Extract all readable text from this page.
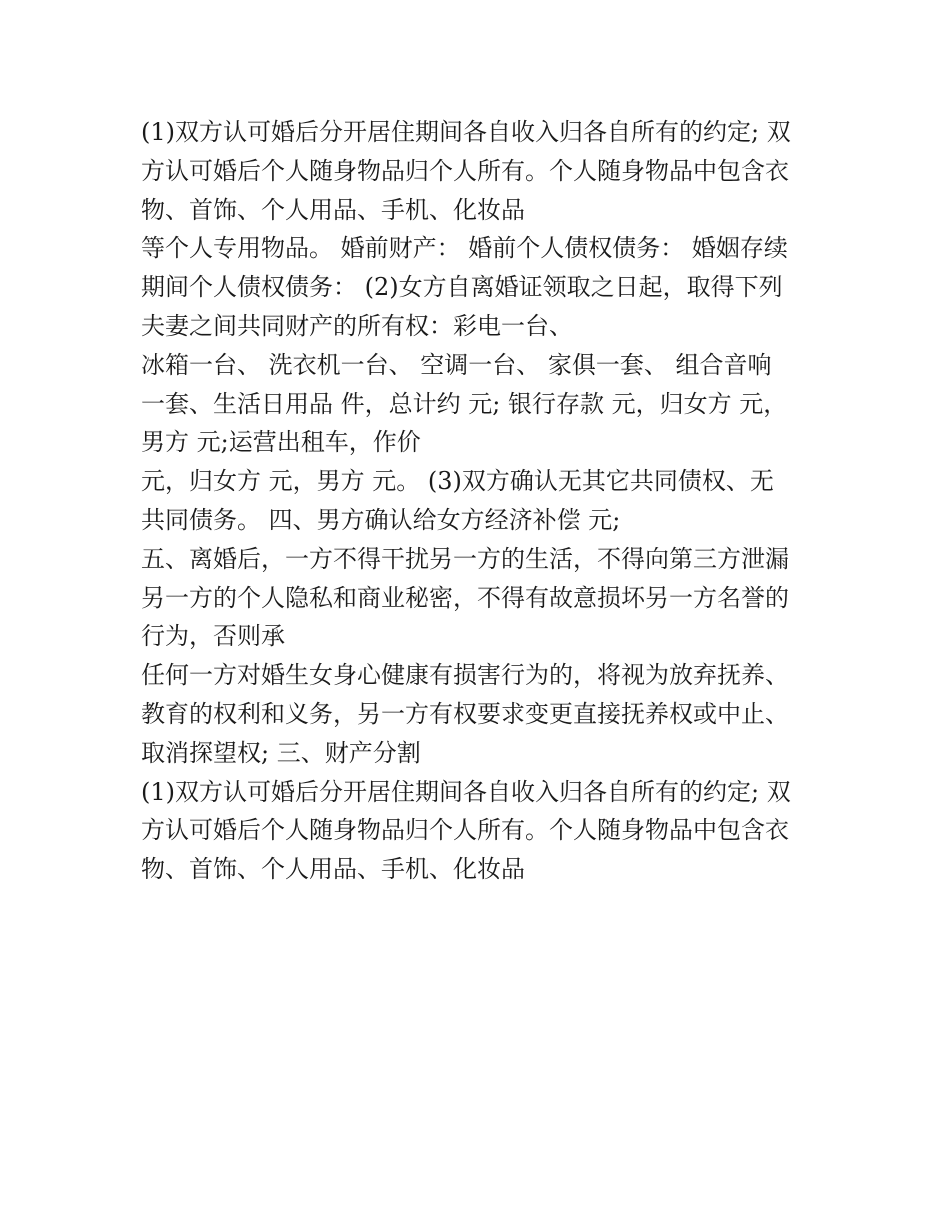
(1)双方认可婚后分开居住期间各自收入归各自所有的约定; 双
方认可婚后个人随身物品归个人所有。个人随身物品中包含衣
物、首饰、个人用品、手机、化妆品
等个人专用物品。 婚前财产： 婚前个人债权债务： 婚姻存续
期间个人债权债务： (2)女方自离婚证领取之日起，取得下列
夫妻之间共同财产的所有权：彩电一台、
冰箱一台、 洗衣机一台、 空调一台、 家俱一套、 组合音响
一套、生活日用品 件，总计约 元; 银行存款 元，归女方 元，
男方 元;运营出租车，作价
元，归女方 元，男方 元。 (3)双方确认无其它共同债权、无
共同债务。 四、男方确认给女方经济补偿 元;
五、离婚后，一方不得干扰另一方的生活，不得向第三方泄漏
另一方的个人隐私和商业秘密，不得有故意损坏另一方名誉的
行为，否则承
任何一方对婚生女身心健康有损害行为的，将视为放弃抚养、
教育的权利和义务，另一方有权要求变更直接抚养权或中止、
取消探望权; 三、财产分割
(1)双方认可婚后分开居住期间各自收入归各自所有的约定; 双
方认可婚后个人随身物品归个人所有。个人随身物品中包含衣
物、首饰、个人用品、手机、化妆品
